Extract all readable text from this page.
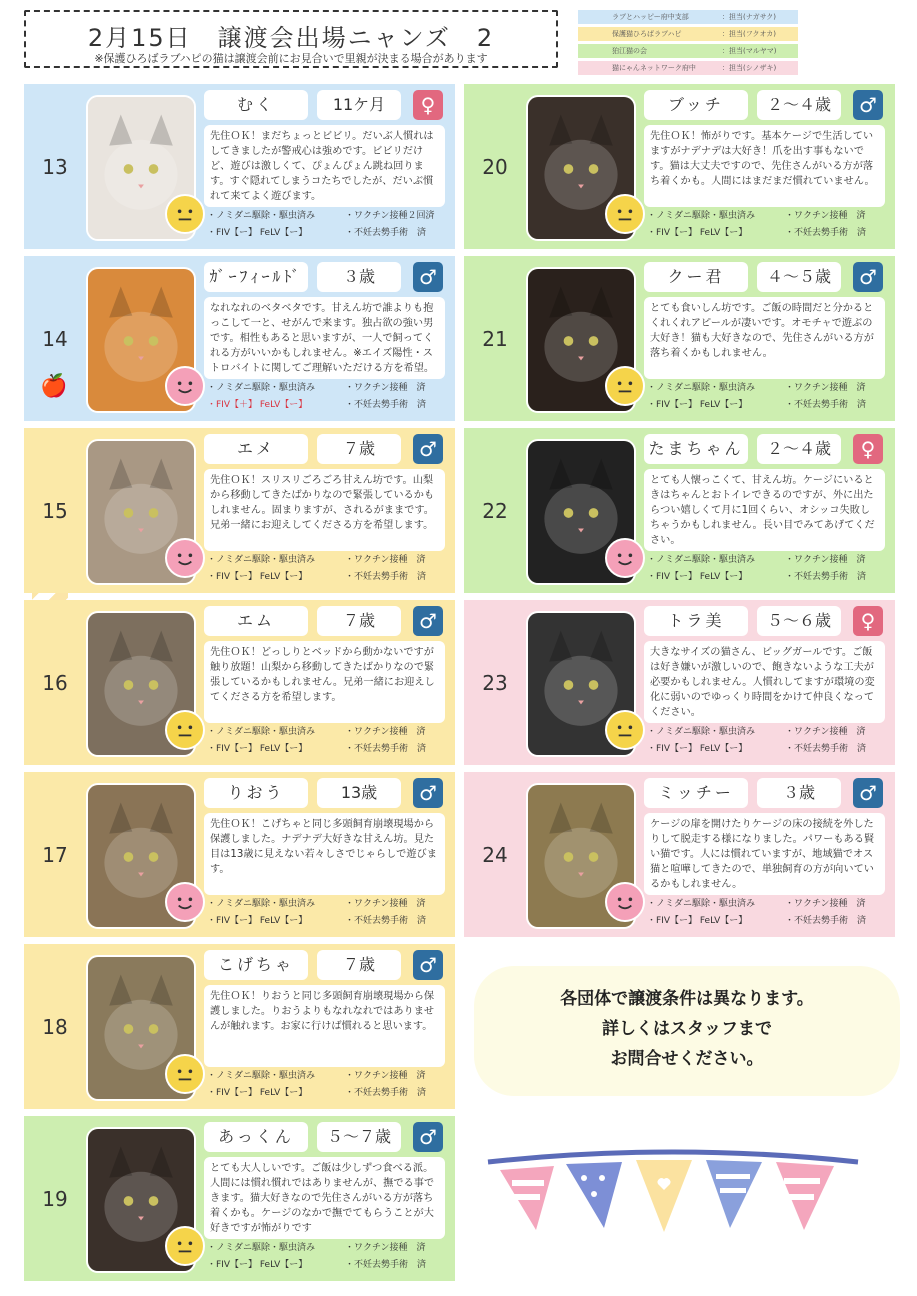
2月15日　譲渡会出場ニャンズ　2
※保護ひろばラブハピの猫は譲渡会前にお見合いで里親が決まる場合があります
ラブとハッピー府中支部	：担当(ナガサク)
保護猫ひろばラブハピ	：担当(フクオカ)
狛江猫の会	：担当(マルヤマ)
猫にゃんネットワーク府中	：担当(シノザキ)
13
むく	11ケ月	♀
先住ＯＫ！まだちょっとビビリ。だいぶ人慣れはしてきましたが警戒心は強めです。ビビリだけど、遊びは激しくて、ぴょんぴょん跳ね回ります。すぐ隠れてしまうコたちでしたが、だいぶ慣れて来てよく遊びます。
・ノミダニ駆除・駆虫済み	・ワクチン接種２回済
・FIV【ー】 FeLV【ー】	・不妊去勢手術　済
14
ｶﾞｰﾌｨｰﾙﾄﾞ	３歳	♂
なれなれのベタベタです。甘えん坊で誰よりも抱っこして一と、せがんで来ます。独占欲の強い男です。相性もあると思いますが、一人で飼ってくれる方がいいかもしれません。※エイズ陽性・ストロバイトに関してご理解いただける方を希望。
・ノミダニ駆除・駆虫済み	・ワクチン接種　済
・FIV【＋】 FeLV【ー】	・不妊去勢手術　済
🍎
15
エメ	７歳	♂
先住ＯＫ！スリスリごろごろ甘えん坊です。山梨から移動してきたばかりなので緊張しているかもしれません。固まりますが、されるがままです。兄弟一緒にお迎えしてくださる方を希望します。
・ノミダニ駆除・駆虫済み	・ワクチン接種　済
・FIV【ー】 FeLV【ー】	・不妊去勢手術　済
16
エム	７歳	♂
先住ＯＫ！どっしりとベッドから動かないですが触り放題！山梨から移動してきたばかりなので緊張しているかもしれません。兄弟一緒にお迎えしてくださる方を希望します。
・ノミダニ駆除・駆虫済み	・ワクチン接種　済
・FIV【ー】 FeLV【ー】	・不妊去勢手術　済
17
りおう	13歳	♂
先住ＯＫ！こげちゃと同じ多頭飼育崩壊現場から保護しました。ナデナデ大好きな甘えん坊。見た目は13歳に見えない若々しさでじゃらしで遊びます。
・ノミダニ駆除・駆虫済み	・ワクチン接種　済
・FIV【ー】 FeLV【ー】	・不妊去勢手術　済
18
こげちゃ	７歳	♂
先住ＯＫ！りおうと同じ多頭飼育崩壊現場から保護しました。りおうよりもなれなれではありませんが触れます。お家に行けば慣れると思います。
・ノミダニ駆除・駆虫済み	・ワクチン接種　済
・FIV【ー】 FeLV【ー】	・不妊去勢手術　済
19
あっくん	５〜７歳	♂
とても大人しいです。ご飯は少しずつ食べる派。人間には慣れ慣れではありませんが、撫でる事できます。猫大好きなので先住さんがいる方が落ち着くかも。ケージのなかで撫でてもらうことが大好きですが怖がりです
・ノミダニ駆除・駆虫済み	・ワクチン接種　済
・FIV【ー】 FeLV【ー】	・不妊去勢手術　済
20
ブッチ	２〜４歳	♂
先住ＯＫ！怖がりです。基本ケージで生活していますがナデナデは大好き！爪を出す事もないです。猫は大丈夫ですので、先住さんがいる方が落ち着くかも。人間にはまだまだ慣れていません。
・ノミダニ駆除・駆虫済み	・ワクチン接種　済
・FIV【ー】 FeLV【ー】	・不妊去勢手術　済
21
クー君	４〜５歳	♂
とても食いしん坊です。ご飯の時間だと分かるとくれくれアピールが凄いです。オモチャで遊ぶの大好き！猫も大好きなので、先住さんがいる方が落ち着くかもしれません。
・ノミダニ駆除・駆虫済み	・ワクチン接種　済
・FIV【ー】 FeLV【ー】	・不妊去勢手術　済
22
たまちゃん	２〜４歳	♀
とても人懐っこくて、甘えん坊。ケージにいるときはちゃんとおトイレできるのですが、外に出たらつい嬉しくて月に1回くらい、オシッコ失敗しちゃうかもしれません。長い目でみてあげてください。
・ノミダニ駆除・駆虫済み	・ワクチン接種　済
・FIV【ー】 FeLV【ー】	・不妊去勢手術　済
23
トラ美	５〜６歳	♀
大きなサイズの猫さん、ビッグガールです。ご飯は好き嫌いが激しいので、飽きないような工夫が必要かもしれません。人慣れしてますが環境の変化に弱いのでゆっくり時間をかけて仲良くなってください。
・ノミダニ駆除・駆虫済み	・ワクチン接種　済
・FIV【ー】 FeLV【ー】	・不妊去勢手術　済
24
ミッチー	３歳	♂
ケージの扉を開けたりケージの床の接続を外したりして脱走する様になりました。パワーもある賢い猫です。人には慣れていますが、地域猫でオス猫と喧嘩してきたので、単独飼育の方が向いているかもしれません。
・ノミダニ駆除・駆虫済み	・ワクチン接種　済
・FIV【ー】 FeLV【ー】	・不妊去勢手術　済
各団体で譲渡条件は異なります。
詳しくはスタッフまで
お問合せください。
